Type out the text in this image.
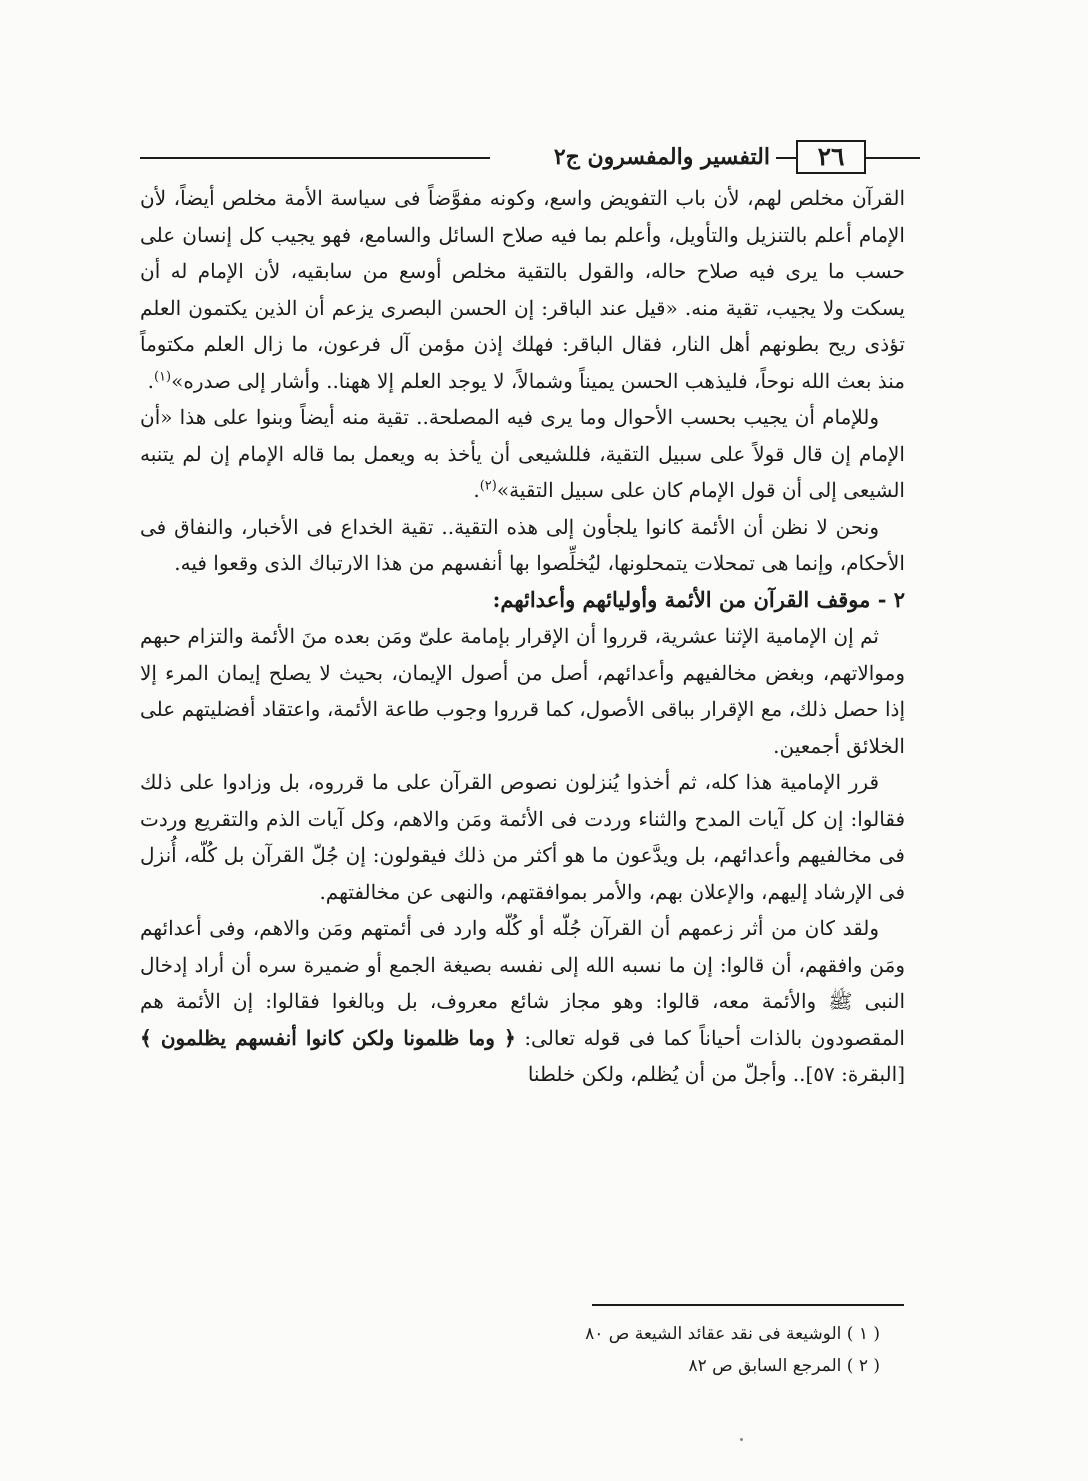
٢٦
التفسير والمفسرون ج٢

القرآن مخلص لهم، لأن باب التفويض واسع، وكونه مفوَّضاً فى سياسة الأمة مخلص أيضاً، لأن الإمام أعلم بالتنزيل والتأويل، وأعلم بما فيه صلاح السائل والسامع، فهو يجيب كل إنسان على حسب ما يرى فيه صلاح حاله، والقول بالتقية مخلص أوسع من سابقيه، لأن الإمام له أن يسكت ولا يجيب، تقية منه. «قيل عند الباقر: إن الحسن البصرى يزعم أن الذين يكتمون العلم تؤذى ريح بطونهم أهل النار، فقال الباقر: فهلك إذن مؤمن آل فرعون، ما زال العلم مكتوماً منذ بعث الله نوحاً، فليذهب الحسن يميناً وشمالاً، لا يوجد العلم إلا ههنا.. وأشار إلى صدره»$^{(١)}$.

وللإمام أن يجيب بحسب الأحوال وما يرى فيه المصلحة.. تقية منه أيضاً وبنوا على هذا «أن الإمام إن قال قولاً على سبيل التقية، فللشيعى أن يأخذ به ويعمل بما قاله الإمام إن لم يتنبه الشيعى إلى أن قول الإمام كان على سبيل التقية»$^{(٢)}$.

ونحن لا نظن أن الأئمة كانوا يلجأون إلى هذه التقية.. تقية الخداع فى الأخبار، والنفاق فى الأحكام، وإنما هى تمحلات يتمحلونها، ليُخلِّصوا بها أنفسهم من هذا الارتباك الذى وقعوا فيه.

٢ - موقف القرآن من الأئمة وأوليائهم وأعدائهم:

ثم إن الإمامية الإثنا عشرية، قرروا أن الإقرار بإمامة علىّ ومَن بعده منَ الأئمة والتزام حبهم وموالاتهم، وبغض مخالفيهم وأعدائهم، أصل من أصول الإيمان، بحيث لا يصلح إيمان المرء إلا إذا حصل ذلك، مع الإقرار بباقى الأصول، كما قرروا وجوب طاعة الأئمة، واعتقاد أفضليتهم على الخلائق أجمعين.

قرر الإمامية هذا كله، ثم أخذوا يُنزلون نصوص القرآن على ما قرروه، بل وزادوا على ذلك فقالوا: إن كل آيات المدح والثناء وردت فى الأئمة ومَن والاهم، وكل آيات الذم والتقريع وردت فى مخالفيهم وأعدائهم، بل ويدَّعون ما هو أكثر من ذلك فيقولون: إن جُلّ القرآن بل كُلّه، أُنزل فى الإرشاد إليهم، والإعلان بهم، والأمر بموافقتهم، والنهى عن مخالفتهم.

ولقد كان من أثر زعمهم أن القرآن جُلّه أو كُلّه وارد فى أئمتهم ومَن والاهم، وفى أعدائهم ومَن وافقهم، أن قالوا: إن ما نسبه الله إلى نفسه بصيغة الجمع أو ضميرة سره أن أراد إدخال النبى ﷺ والأئمة معه، قالوا: وهو مجاز شائع معروف، بل وبالغوا فقالوا: إن الأئمة هم المقصودون بالذات أحياناً كما فى قوله تعالى: ﴿ وما ظلمونا ولكن كانوا أنفسهم يظلمون ﴾ [البقرة: ٥٧].. وأجلّ من أن يُظلم، ولكن خلطنا

( ١ ) الوشيعة فى نقد عقائد الشيعة ص ٨٠

( ٢ ) المرجع السابق ص ٨٢
